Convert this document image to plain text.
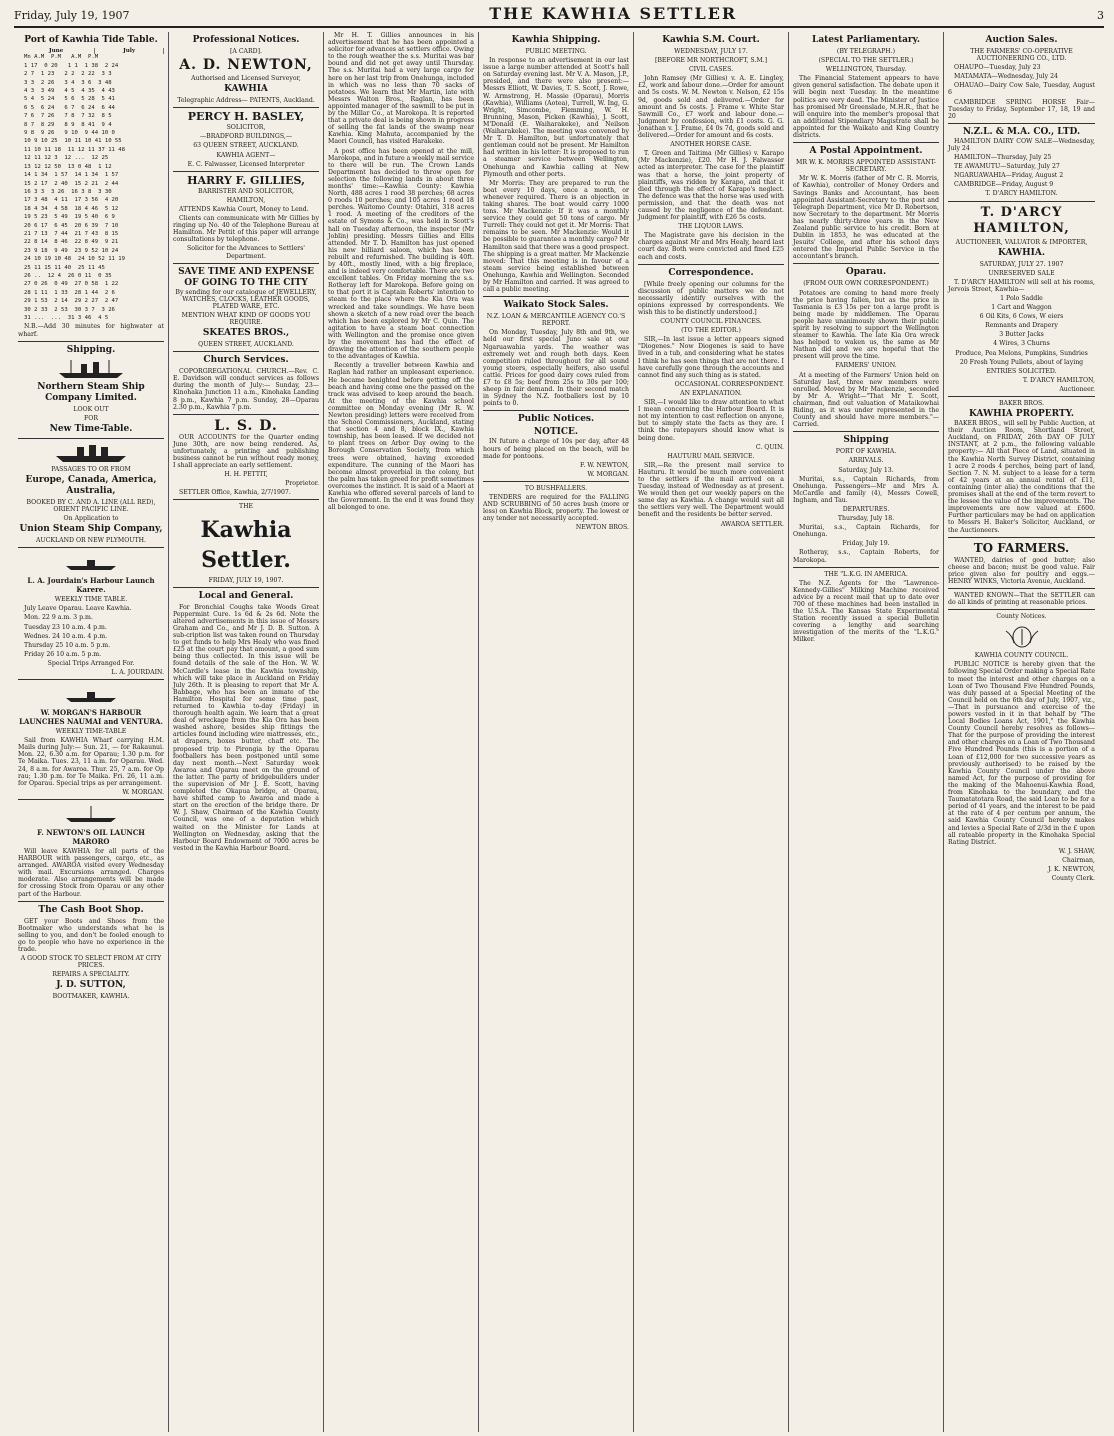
Friday, July 19, 1907	THE KAWHIA SETTLER	3
Port of Kawhia Tide Table.
June	July
Mn A.M  P.M   A.M  P.M
1 17  0 20   1 1  1 38  2 24
2 7  1 23   2 2  2 22  3 3
3 3  2 26   3 4  3 6  3 48
4 3  3 49   4 5  4 35  4 43
5 4  5 24   5 6  5 28  5 41
6 5  6 24   6 7  6 24  6 44
7 6  7 26   7 8  7 32  8 5
8 7  8 29   8 9  8 41  9 4
9 8  9 26   9 10  9 44 10 0
10 9 10 25  10 11 10 41 10 55
11 10 11 18  11 12 11 37 11 48
12 11 12 3  12 ...  12 25
13 12 12 50  13 0 48  1 12
14 1 34  1 57  14 1 34  1 57
15 2 17  2 40  15 2 21  2 44
16 3 3  3 26  16 3 8  3 30
17 3 48  4 11  17 3 56  4 20
18 4 34  4 58  18 4 46  5 12
19 5 23  5 49  19 5 40  6 9
20 6 17  6 45  20 6 39  7 10
21 7 13  7 44  21 7 43  8 15
22 8 14  8 46  22 8 49  9 21
23 9 18  9 49  23 9 52 10 24
24 10 19 10 48  24 10 52 11 19
25 11 15 11 40  25 11 45
26 ..  12 4  26 0 11  0 35
27 0 26  0 49  27 0 58  1 22
28 1 11  1 33  28 1 44  2 6
29 1 53  2 14  29 2 27  2 47
30 2 33  2 53  30 3 7  3 26
31 ...  ...  31 3 46  4 5
N.B.—Add 30 minutes for highwater at wharf.
Shipping.
Northern Steam Ship Company Limited.
LOOK OUT
FOR
New Time-Table.
PASSAGES TO OR FROM
Europe, Canada, America, Australia,
BOOKED BY C. AND A. LINE (ALL RED), ORIENT PACIFIC LINE.
On Application to
Union Steam Ship Company,
AUCKLAND OR NEW PLYMOUTH.
L. A. Jourdain's Harbour Launch Karere.
WEEKLY TIME TABLE.
July Leave Oparau. Leave Kawhia.
Mon. 22 9 a.m. 3 p.m.
Tuesday 23 10 a.m. 4 p.m.
Wednes. 24 10 a.m. 4 p.m.
Thursday 25 10 a.m. 5 p.m.
Friday 26 10 a.m. 5 p.m.
Special Trips Arranged For.
L. A. JOURDAIN.
W. MORGAN'S HARBOUR LAUNCHES NAUMAI and VENTURA.
WEEKLY TIME-TABLE
Sail from KAWHIA Wharf carrying H.M. Mails during July:— Sun. 21, — for Rakaunui. Mon. 22, 6.30 a.m. for Oparau; 1.30 p.m. for Te Maika. Tues. 23, 11 a.m. for Oparau. Wed. 24, 8 a.m. for Awaroa. Thur. 25, 7 a.m. for Op rau; 1.30 p.m. for Te Maika. Fri. 26, 11 a.m. for Oparau. Special trips as per arrangement.
W. MORGAN.
F. NEWTON'S OIL LAUNCH MARORO
Will leave KAWHIA for all parts of the HARBOUR with passengers, cargo, etc., as arranged. AWAROA visited every Wednesday with mail. Excursions arranged. Charges moderate. Also arrangements will be made for crossing Stock from Oparau or any other part of the Harbour.
The Cash Boot Shop.
GET your Boots and Shoes from the Bootmaker who understands what he is selling to you, and don't be fooled enough to go to people who have no experience in the trade.
A GOOD STOCK TO SELECT FROM AT CITY PRICES.
REPAIRS A SPECIALITY.
J. D. SUTTON,
BOOTMAKER, KAWHIA.
Professional Notices.
[A CARD].
A. D. NEWTON,
Authorised and Licensed Surveyor,
KAWHIA
Telegraphic Address— PATENTS, Auckland.
PERCY H. BASLEY,
SOLICITOR,
—BRADFORD BUILDINGS,—
63 QUEEN STREET, AUCKLAND.
KAWHIA AGENT—
E. C. Falwasser, Licensed Interpreter
HARRY F. GILLIES,
BARRISTER AND SOLICITOR,
HAMILTON,
ATTENDS Kawhia Court, Money to Lend.
Clients can communicate with Mr Gillies by ringing up No. 40 of the Telephone Bureau at Hamilton. Mr Pettit of this paper will arrange consultations by telephone.
Solicitor for the Advances to Settlers' Department.
SAVE TIME AND EXPENSE OF GOING TO THE CITY
By sending for our catalogue of JEWELLERY, WATCHES, CLOCKS, LEATHER GOODS, PLATED WARE, ETC.
MENTION WHAT KIND OF GOODS YOU REQUIRE.
SKEATES BROS.,
QUEEN STREET, AUCKLAND.
Church Services.
COPORGREGATIONAL CHURCH.—Rev. C. E. Davidson will conduct services as follows during the month of July:— Sunday, 23—Kinohaka Junction 11 a.m., Kinohaka Landing 8 p.m., Kawhia 7 p.m. Sunday, 28—Oparau 2.30 p.m., Kawhia 7 p.m.
L. S. D.
OUR ACCOUNTS for the Quarter ending June 30th, are now being rendered. As, unfortunately, a printing and publishing business cannot be run without ready money, I shall appreciate an early settlement.
H. H. PETTIT,
Proprietor.
SETTLER Office, Kawhia, 2/7/1907.
THE
Kawhia Settler.
FRIDAY, JULY 19, 1907.
Local and General.
For Bronchial Coughs take Woods Great Peppermint Cure. 1s 6d & 2s 6d. Note the altered advertisements in this issue of Messrs Graham and Co., and Mr J. D. B. Sutton. A sub-cription list was taken round on Thursday to get funds to help Mrs Healy who was fined £25 at the court pay that amount, a good sum being thus collected. In this issue will be found details of the sale of the Hon. W. W. McCardle's lease in the Kawhia township, which will take place in Auckland on Friday July 26th. It is pleasing to report that Mr A. Babbage, who has been an inmate of the Hamilton Hospital for some time past, returned to Kawhia to-day (Friday) in thorough health again. We learn that a great deal of wreckage from the Kia Ora has been washed ashore, besides ship fittings the articles found including wire mattresses, etc., at drapers, boxes butter, chaff etc. The proposed trip to Pirongia by the Oparau footballers has been postponed until some day next month.—Next Saturday week Awaroa and Oparau meet on the ground of the latter. The party of bridgebuilders under the supervision of Mr J. E. Scott, having completed the Okapua bridge, at Oparau, have shifted camp to Awaroa and made a start on the erection of the bridge there. Dr W. J. Shaw, Chairman of the Kawhia County Council, was one of a deputation which waited on the Minister for Lands at Wellington on Wednesday, asking that the Harbour Board Endowment of 7000 acres be vested in the Kawhia Harbour Board.
Mr H. T. Gillies announces in his advertisement that he has been appointed a solicitor for advances at settlers office. Owing to the rough weather the s.s. Muritai was bar bound and did not get away until Thursday. The s.s. Muritai had a very large cargo for here on her last trip from Onehunga, included in which was no less than 70 sacks of potatoes. We learn that Mr Martin, late with Messrs Walton Bros., Raglan, has been appointed manager of the sawmill to be put in by the Millar Co., at Marokopa. It is reported that a private deal is being shown in progress of selling the fat lands of the swamp near Kawhia. King Mahuta, accompanied by the Maori Council, has visited Harakeke.
A post office has been opened at the mill, Marokopa, and in future a weekly mail service to there will be run. The Crown Lands Department has decided to throw open for selection the following lands in about three months' time:—Kawhia County: Kawhia North, 488 acres 1 rood 38 perches; 68 acres 0 roods 10 perches; and 105 acres 1 rood 18 perches. Waitomo County: Otahiri, 318 acres 1 rood. A meeting of the creditors of the estate of Symons & Co., was held in Scott's hall on Tuesday afternoon, the inspector (Mr Joblin) presiding. Messrs Gillies and Ellis attended. Mr T. D. Hamilton has just opened his new billiard saloon, which has been rebuilt and refurnished. The building is 40ft. by 40ft., mostly lined, with a big fireplace, and is indeed very comfortable. There are two excellent tables. On Friday morning the s.s. Rotheray left for Marokopa. Before going on to that port it is Captain Roberts' intention to steam to the place where the Kia Ora was wrecked and take soundings. We have been shown a sketch of a new road over the beach which has been explored by Mr C. Quin. The agitation to have a steam boat connection with Wellington and the promise once given by the movement has had the effect of drawing the attention of the southern people to the advantages of Kawhia.
Recently a traveller between Kawhia and Raglan had rather an unpleasant experience. He became benighted before getting off the beach and having come one the passed on the track was advised to keep around the beach. At the meeting of the Kawhia school committee on Monday evening (Mr R. W. Newton presiding) letters were received from the School Commissioners, Auckland, stating that section 4 and 8, block IX., Kawhia township, has been leased. If we decided not to plant trees on Arbor Day owing to the Borough Conservation Society, from which trees were obtained, having exceeded expenditure. The cunning of the Maori has become almost proverbial in the colony, but the palm has taken greed for profit sometimes overcomes the instinct. It is said of a Maori at Kawhia who offered several parcels of land to the Government. In the end it was found they all belonged to one.
Kawhia Shipping.
PUBLIC MEETING.
In response to an advertisement in our last issue a large number attended at Scott's hall on Saturday evening last. Mr V. A. Mason, J.P., presided, and there were also present:—Messrs Elliott, W. Davies, T. S. Scott, J. Rowe, W. Armstrong, H. Massie (Oparau), Morris (Kawhia), Williams (Aotea), Turrell, W. Ing, G. Wright, Simcombe, Flemming, W. H. Brunning, Mason, Picken (Kawhia), J. Scott, M'Donald (E. Waiharakeke), and Neilson (Waiharakeke). The meeting was convened by Mr T. D. Hamilton, but unfortunately that gentleman could not be present. Mr Hamilton had written in his letter: It is proposed to run a steamer service between Wellington, Onehunga and Kawhia calling at New Plymouth and other ports.
Mr Morris: They are prepared to run the boat every 10 days, once a month, or whenever required. There is an objection in taking shares. The boat would carry 1000 tons. Mr Mackenzie: If it was a monthly service they could get 50 tons of cargo. Mr Turrell: They could not get it. Mr Morris: That remains to be seen. Mr Mackenzie: Would it be possible to guarantee a monthly cargo? Mr Hamilton said that there was a good prospect. The shipping is a great matter. Mr Mackenzie moved: That this meeting is in favour of a steam service being established between Onehunga, Kawhia and Wellington. Seconded by Mr Hamilton and carried. It was agreed to call a public meeting.
Waikato Stock Sales.
N.Z. LOAN & MERCANTILE AGENCY CO.'S REPORT.
On Monday, Tuesday, July 8th and 9th, we held our first special Juno sale at our Ngaruawahia yards. The weather was extremely wet and rough both days. Keen competition ruled throughout for all sound young steers, especially heifers, also useful cattle. Prices for good dairy cows ruled from £7 to £8 5s; beef from 25s to 30s per 100; sheep in fair demand. In their second match in Sydney the N.Z. footballers lost by 10 points to 0.
Public Notices.
NOTICE.
IN future a charge of 10s per day, after 48 hours of being placed on the beach, will be made for pontoons.
F. W. NEWTON,
W. MORGAN.
TO BUSHFALLERS.
TENDERS are required for the FALLING AND SCRUBBING of 50 acres bush (more or less) on Kawhia Block, property. The lowest or any tender not necessarily accepted.
NEWTON BROS.
Kawhia S.M. Court.
WEDNESDAY, JULY 17.
[BEFORE MR NORTHCROFT, S.M.]
CIVIL CASES.
John Ramsey (Mr Gillies) v. A. E. Lingley, £2, work and labour done.—Order for amount and 5s costs. W. M. Newton v. Nelson, £2 15s 9d, goods sold and delivered.—Order for amount and 5s costs. J. Frame v. White Star Sawmill Co., £7 work and labour done.—Judgment by confession, with £1 costs. G. G. Jonathan v. J. Frame, £4 0s 7d, goods sold and delivered.—Order for amount and 6s costs.
ANOTHER HORSE CASE.
T. Green and Taitima (Mr Gillies) v. Karapo (Mr Mackenzie), £20. Mr H. J. Falwasser acted as interpreter. The case for the plaintiff was that a horse, the joint property of plaintiffs, was ridden by Karapo, and that it died through the effect of Karapo's neglect. The defence was that the horse was used with permission, and that the death was not caused by the negligence of the defendant. Judgment for plaintiff, with £26 5s costs.
THE LIQUOR LAWS.
The Magistrate gave his decision in the charges against Mr and Mrs Healy, heard last court day. Both were convicted and fined £25 each and costs.
Correspondence.
[While freely opening our columns for the discussion of public matters we do not necessarily identify ourselves with the opinions expressed by correspondents. We wish this to be distinctly understood.]
COUNTY COUNCIL FINANCES.
(TO THE EDITOR.)
SIR,—In last issue a letter appears signed "Diogenes." Now Diogenes is said to have lived in a tub, and considering what he states I think he has seen things that are not there. I have carefully gone through the accounts and cannot find any such thing as is stated.
OCCASIONAL CORRESPONDENT.
AN EXPLANATION.
SIR,—I would like to draw attention to what I mean concerning the Harbour Board. It is not my intention to cast reflection on anyone, but to simply state the facts as they are. I think the ratepayers should know what is being done.
C. QUIN.
HAUTURU MAIL SERVICE.
SIR,—Re the present mail service to Hauturu. It would be much more convenient to the settlers if the mail arrived on a Tuesday, instead of Wednesday as at present. We would then get our weekly papers on the same day as Kawhia. A change would suit all the settlers very well. The Department would benefit and the residents be better served.
AWAROA SETTLER.
Latest Parliamentary.
(BY TELEGRAPH.)
(SPECIAL TO THE SETTLER.)
WELLINGTON, Thursday.
The Financial Statement appears to have given general satisfaction. The debate upon it will begin next Tuesday. In the meantime politics are very dead. The Minister of Justice has promised Mr Greenslade, M.H.R., that he will enquire into the member's proposal that an additional Stipendiary Magistrate shall be appointed for the Waikato and King Country districts.
A Postal Appointment.
MR W. K. MORRIS APPOINTED ASSISTANT-SECRETARY.
Mr W. K. Morris (father of Mr C. R. Morris, of Kawhia), controller of Money Orders and Savings Banks and Accountant, has been appointed Assistant-Secretary to the post and Telegraph Department, vice Mr D. Robertson, now Secretary to the department. Mr Morris has nearly thirty-three years in the New Zealand public service to his credit. Born at Dublin in 1853, he was educated at the Jesuits' College, and after his school days entered the Imperial Public Service in the accountant's branch.
Oparau.
(FROM OUR OWN CORRESPONDENT.)
Potatoes are coming to hand more freely the price having fallen, but as the price in Tasmania is £3 15s per ton a large profit is being made by middlemen. The Oparau people have unanimously shown their public spirit by resolving to support the Wellington steamer to Kawhia. The late Kia Ora wreck has helped to waken us, the same as Mr Nathan did and we are hopeful that the present will prove the time.
FARMERS' UNION.
At a meeting of the Farmers' Union held on Saturday last, three new members were enrolled. Moved by Mr Mackenzie, seconded by Mr A. Wright—"That Mr T. Scott, chairman, find out valuation of Mataikowhai Riding, as it was under represented in the County and should have more members."—Carried.
Shipping
PORT OF KAWHIA.
ARRIVALS.
Saturday, July 13.
Muritai, s.s., Captain Richards, from Onehunga. Passengers—Mr and Mrs A. McCardle and family (4), Messrs Cowell, Ingham, and Tau.
DEPARTURES.
Thursday, July 18.
Muritai, s.s., Captain Richards, for Onehunga.
Friday, July 19.
Rotheray, s.s., Captain Roberts, for Marokopa.
THE "L.K.G. IN AMERICA.
The N.Z. Agents for the "Lawrence-Kennedy-Gillies" Milking Machine received advice by a recent mail that up to date over 700 of these machines had been installed in the U.S.A. The Kansas State Experimental Station recently issued a special Bulletin covering a lengthy and searching investigation of the merits of the "L.K.G." Milker.
Auction Sales.
THE FARMERS' CO-OPERATIVE AUCTIONEERING CO., LTD.
OHAUPO—Tuesday, July 23
MATAMATA—Wednesday, July 24
OHAUAO—Dairy Cow Sale, Tuesday, August 6
CAMBRIDGE SPRING HORSE Fair—Tuesday to Friday, September 17, 18, 19 and 20
N.Z.L. & M.A. CO., LTD.
HAMILTON DAIRY COW SALE—Wednesday, July 24
HAMILTON—Thursday, July 25
TE AWAMUTU—Saturday, July 27
NGARUAWAHIA—Friday, August 2
CAMBRIDGE—Friday, August 9
T. D'ARCY HAMILTON.
T. D'ARCY HAMILTON,
AUCTIONEER, VALUATOR & IMPORTER,
KAWHIA.
SATURDAY, JULY 27. 1907
UNRESERVED SALE
T. D'ARCY HAMILTON will sell at his rooms, Jervois Street, Kawhia—
1 Polo Saddle
1 Cart and Waggon
6 Oil Kits, 6 Cows, W eiers
Remnants and Drapery
3 Butter Jacks
4 Wires, 3 Churns
Produce, Pea Melons, Pumpkins, Sundries
20 Fresh Young Pullets, about of laying
ENTRIES SOLICITED.
T. D'ARCY HAMILTON,
Auctioneer.
BAKER BROS.
KAWHIA PROPERTY.
BAKER BROS., will sell by Public Auction, at their Auction Room, Shortland Street, Auckland, on FRIDAY, 26th DAY OF JULY INSTANT, at 2 p.m., the following valuable property:— All that Piece of Land, situated in the Kawhia North Survey District, containing 1 acre 2 roods 4 perches, being part of land, Section 7. N. M. subject to a lease for a term of 42 years at an annual rental of £11, containing (inter alia) the conditions that the premises shall at the end of the term revert to the lessee the value of the improvements. The improvements are now valued at £600. Further particulars may be had on application to Messrs H. Baker's Solicitor, Auckland, or the Auctioneers.
TO FARMERS.
WANTED, dairies of good butter; also cheese and bacon; must be good value. Fair price given also for poultry and eggs.—HENRY WINKS, Victoria Avenue, Auckland.
WANTED KNOWN—That the SETTLER can do all kinds of printing at reasonable prices.
County Notices.
KAWHIA COUNTY COUNCIL.
PUBLIC NOTICE is hereby given that the following Special Order making a Special Rate to meet the interest and other charges on a Loan of Two Thousand Five Hundred Pounds, was duly passed at a Special Meeting of the Council held on the 6th day of July, 1907, viz.,—That in pursuance and exercise of the powers vested in it in that behalf by "The Local Bodies Loans Act, 1901," the Kawhia County Council hereby resolves as follows—That for the purpose of providing the interest and other charges on a Loan of Two Thousand Five Hundred Pounds (this is a portion of a Loan of £12,000 for two successive years as previously authorised) to be raised by the Kawhia County Council under the above named Act, for the purpose of providing for the making of the Mahoenui-Kawhia Road, from Kinohaka to the boundary, and the Taumatatotara Road, the said Loan to be for a period of 41 years, and the interest to be paid at the rate of 4 per centum per annum, the said Kawhia County Council hereby makes and levies a Special Rate of 2/3d in the £ upon all rateable property in the Kinohaka Special Rating District.
W. J. SHAW,
Chairman,
J. K. NEWTON,
County Clerk.
